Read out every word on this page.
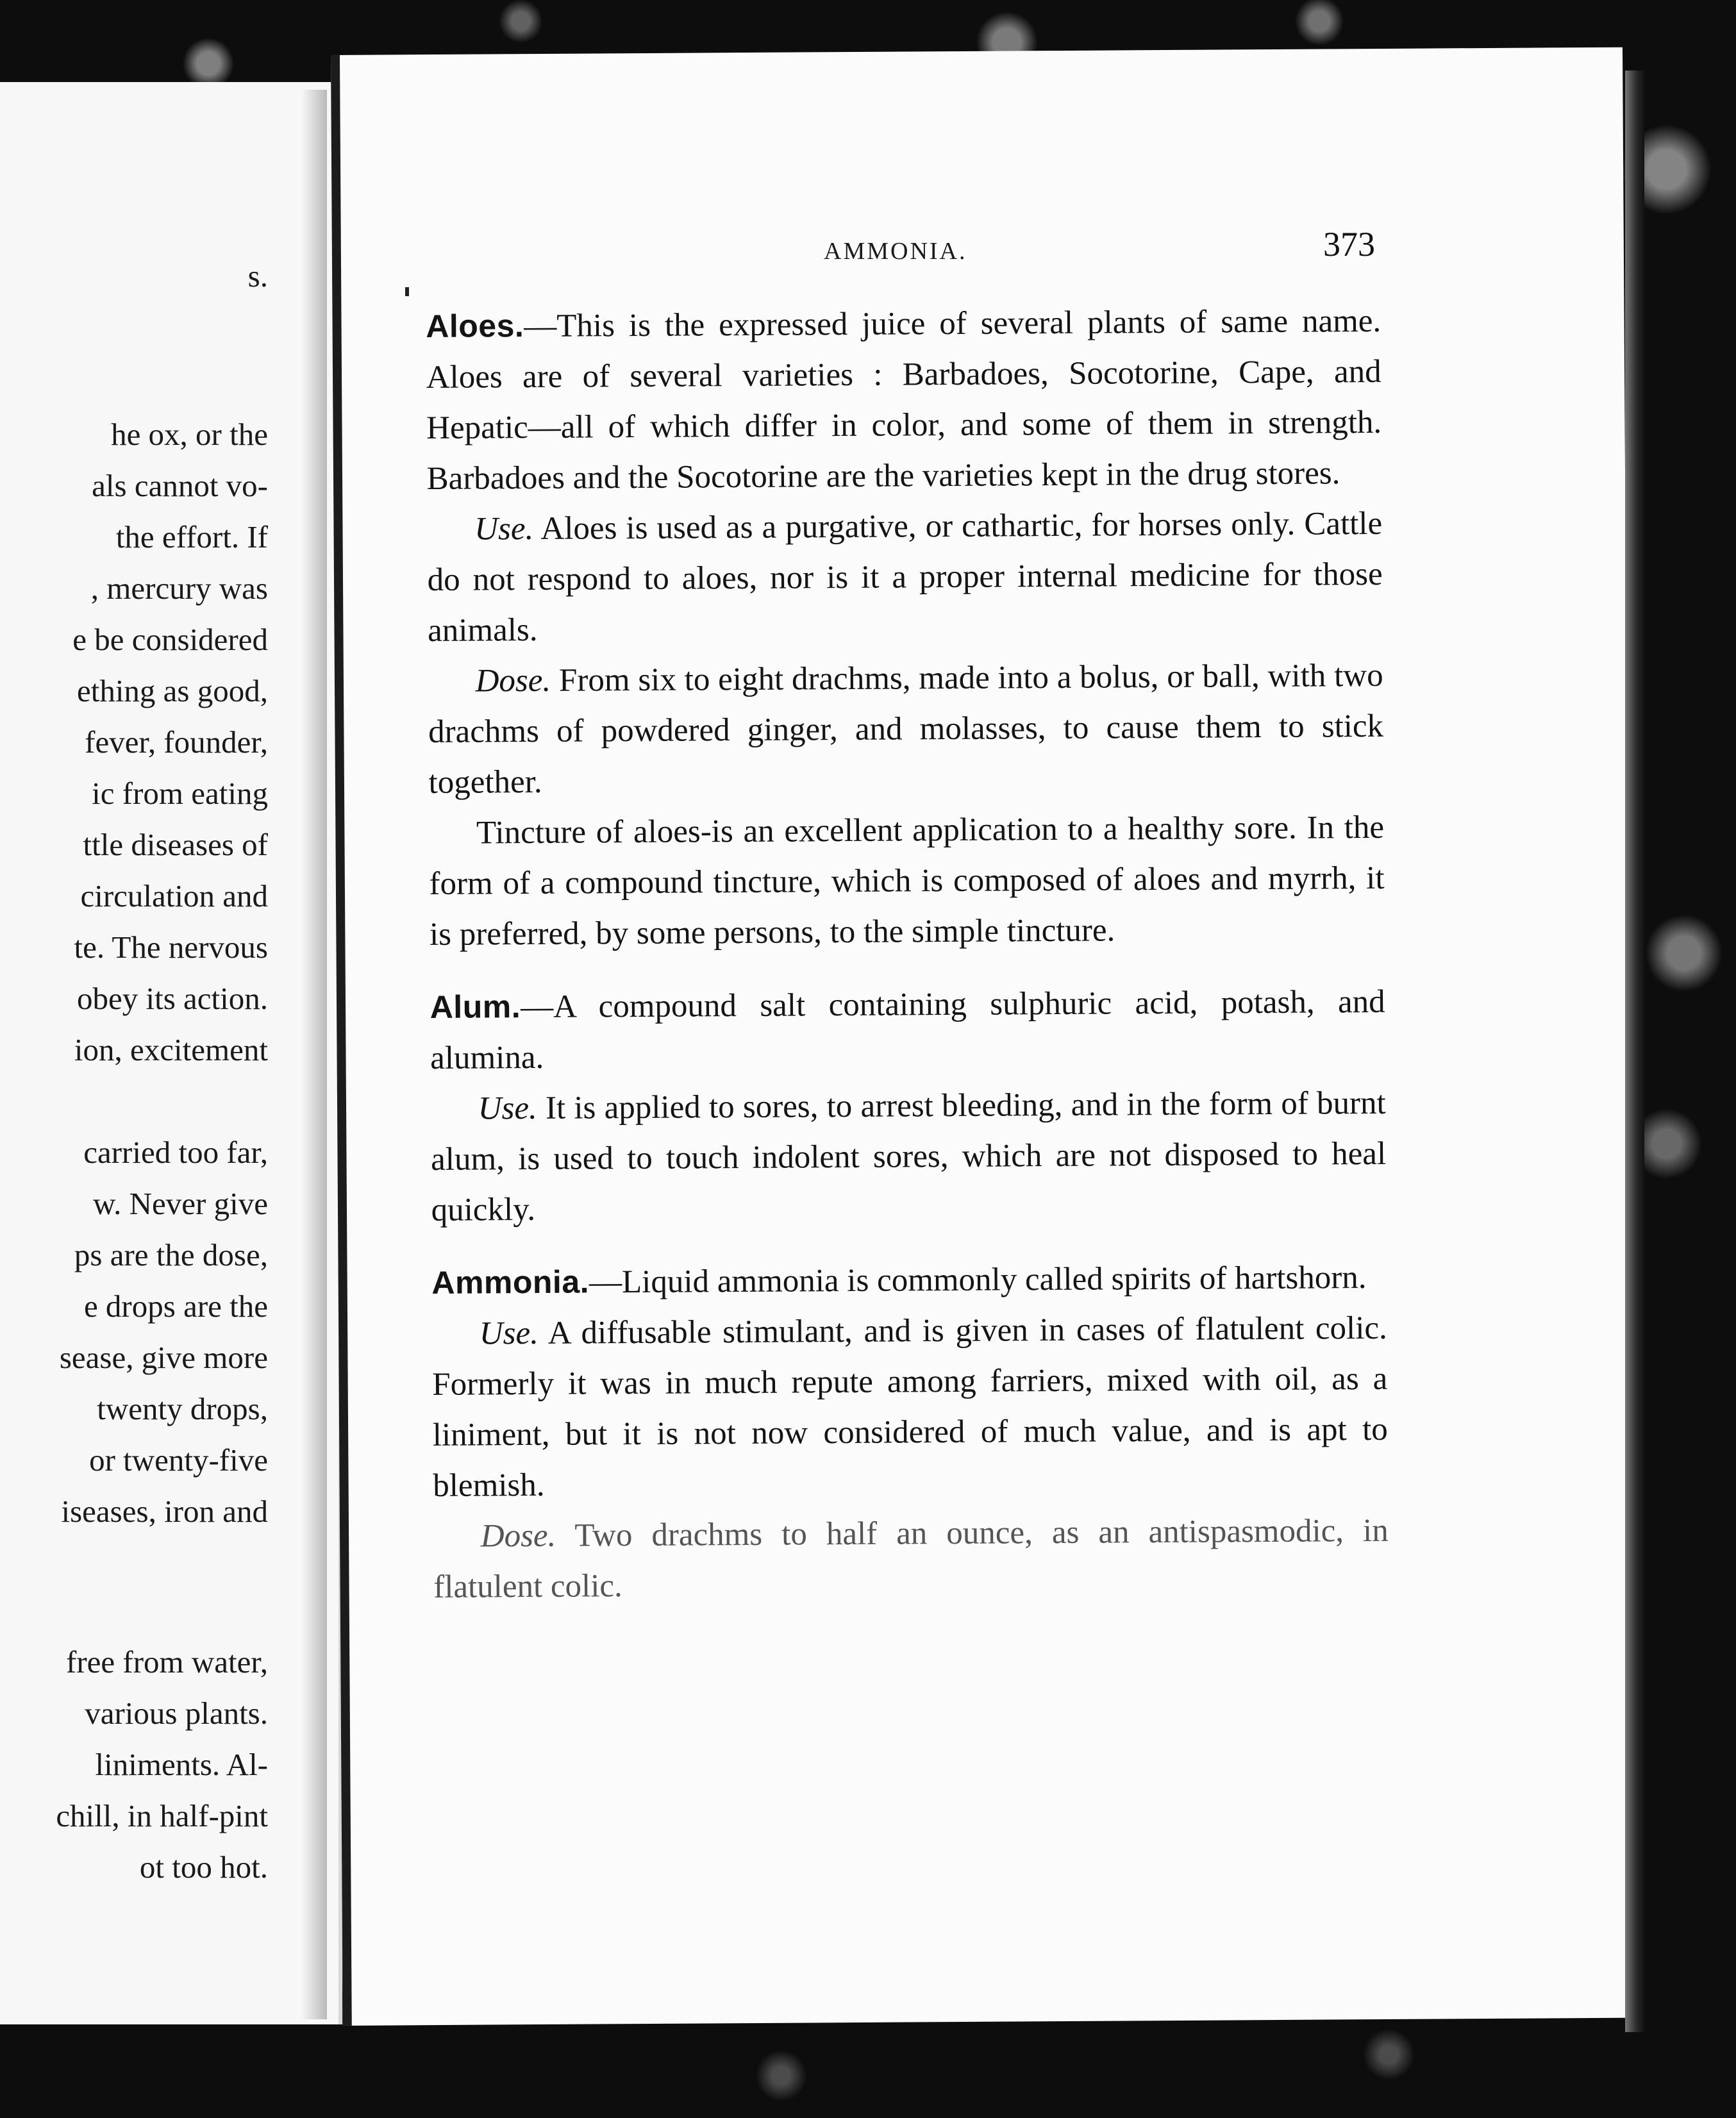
s.
he ox, or the
als cannot vo-
the effort. If
, mercury was
e be considered
ething as good,
fever, founder,
ic from eating
ttle diseases of
circulation and
te. The nervous
obey its action.
ion, excitement
carried too far,
w. Never give
ps are the dose,
e drops are the
sease, give more
twenty drops,
or twenty-five
iseases, iron and
free from water,
various plants.
liniments. Al-
chill, in half-pint
ot too hot.
AMMONIA.	373

Aloes.—This is the expressed juice of several plants of same name. Aloes are of several varieties : Barbadoes, Socotorine, Cape, and Hepatic—all of which differ in color, and some of them in strength. Barbadoes and the Socotorine are the varieties kept in the drug stores.

Use. Aloes is used as a purgative, or cathartic, for horses only. Cattle do not respond to aloes, nor is it a proper internal medicine for those animals.

Dose. From six to eight drachms, made into a bolus, or ball, with two drachms of powdered ginger, and molasses, to cause them to stick together.

Tincture of aloes-is an excellent application to a healthy sore. In the form of a compound tincture, which is composed of aloes and myrrh, it is preferred, by some persons, to the simple tincture.

Alum.—A compound salt containing sulphuric acid, potash, and alumina.

Use. It is applied to sores, to arrest bleeding, and in the form of burnt alum, is used to touch indolent sores, which are not disposed to heal quickly.

Ammonia.—Liquid ammonia is commonly called spirits of hartshorn.

Use. A diffusable stimulant, and is given in cases of flatulent colic. Formerly it was in much repute among farriers, mixed with oil, as a liniment, but it is not now considered of much value, and is apt to blemish.

Dose. Two drachms to half an ounce, as an antispasmodic, in flatulent colic.
